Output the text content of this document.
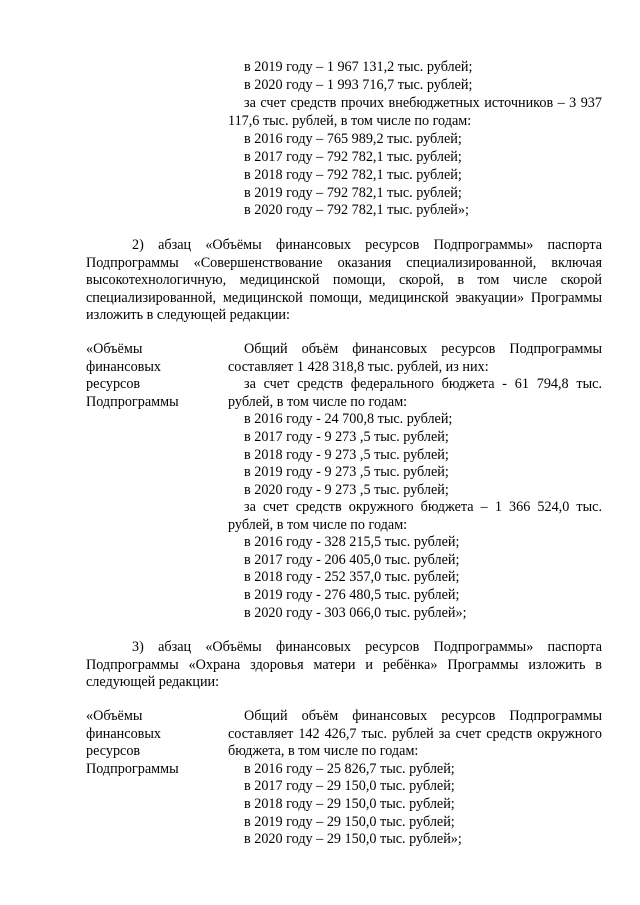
в 2019 году – 1 967 131,2 тыс. рублей;
в 2020 году – 1 993 716,7 тыс. рублей;
за счет средств прочих внебюджетных источников – 3 937 117,6 тыс. рублей, в том числе по годам:
в 2016 году – 765 989,2 тыс. рублей;
в 2017 году – 792 782,1 тыс. рублей;
в 2018 году – 792 782,1 тыс. рублей;
в 2019 году – 792 782,1 тыс. рублей;
в 2020 году – 792 782,1 тыс. рублей»;
2) абзац «Объёмы финансовых ресурсов Подпрограммы» паспорта Подпрограммы «Совершенствование оказания специализированной, включая высокотехнологичную, медицинской помощи, скорой, в том числе скорой специализированной, медицинской помощи, медицинской эвакуации» Программы изложить в следующей редакции:
«Объёмы
финансовых
ресурсов
Подпрограммы
Общий объём финансовых ресурсов Подпрограммы составляет 1 428 318,8 тыс. рублей, из них:
за счет средств федерального бюджета - 61 794,8 тыс. рублей, в том числе по годам:
в 2016 году - 24 700,8 тыс. рублей;
в 2017 году - 9 273 ,5 тыс. рублей;
в 2018 году - 9 273 ,5 тыс. рублей;
в 2019 году - 9 273 ,5 тыс. рублей;
в 2020 году - 9 273 ,5 тыс. рублей;
за счет средств окружного бюджета – 1 366 524,0 тыс. рублей, в том числе по годам:
в 2016 году - 328 215,5 тыс. рублей;
в 2017 году - 206 405,0 тыс. рублей;
в 2018 году - 252 357,0 тыс. рублей;
в 2019 году - 276 480,5 тыс. рублей;
в 2020 году - 303 066,0 тыс. рублей»;
3) абзац «Объёмы финансовых ресурсов Подпрограммы» паспорта Подпрограммы «Охрана здоровья матери и ребёнка» Программы изложить в следующей редакции:
«Объёмы
финансовых
ресурсов
Подпрограммы
Общий объём финансовых ресурсов Подпрограммы составляет 142 426,7 тыс. рублей за счет средств окружного бюджета, в том числе по годам:
в 2016 году – 25 826,7 тыс. рублей;
в 2017 году – 29 150,0 тыс. рублей;
в 2018 году – 29 150,0 тыс. рублей;
в 2019 году – 29 150,0 тыс. рублей;
в 2020 году – 29 150,0 тыс. рублей»;
